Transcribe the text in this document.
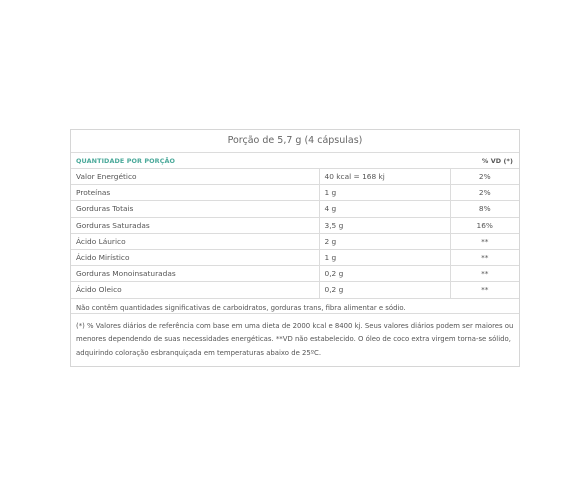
Porção de 5,7 g (4 cápsulas)
QUANTIDADE POR PORÇÃO		% VD (*)
Valor Energético	40 kcal = 168 kj	2%
Proteínas	1 g	2%
Gorduras Totais	4 g	8%
Gorduras Saturadas	3,5 g	16%
Ácido Láurico	2 g	**
Ácido Mirístico	1 g	**
Gorduras Monoinsaturadas	0,2 g	**
Ácido Oleico	0,2 g	**
Não contêm quantidades significativas de carboidratos, gorduras trans, fibra alimentar e sódio.
(*) % Valores diários de referência com base em uma dieta de 2000 kcal e 8400 kj. Seus valores diários podem ser maiores ou
menores dependendo de suas necessidades energéticas. **VD não estabelecido. O óleo de coco extra virgem torna-se sólido,
adquirindo coloração esbranquiçada em temperaturas abaixo de 25ºC.
